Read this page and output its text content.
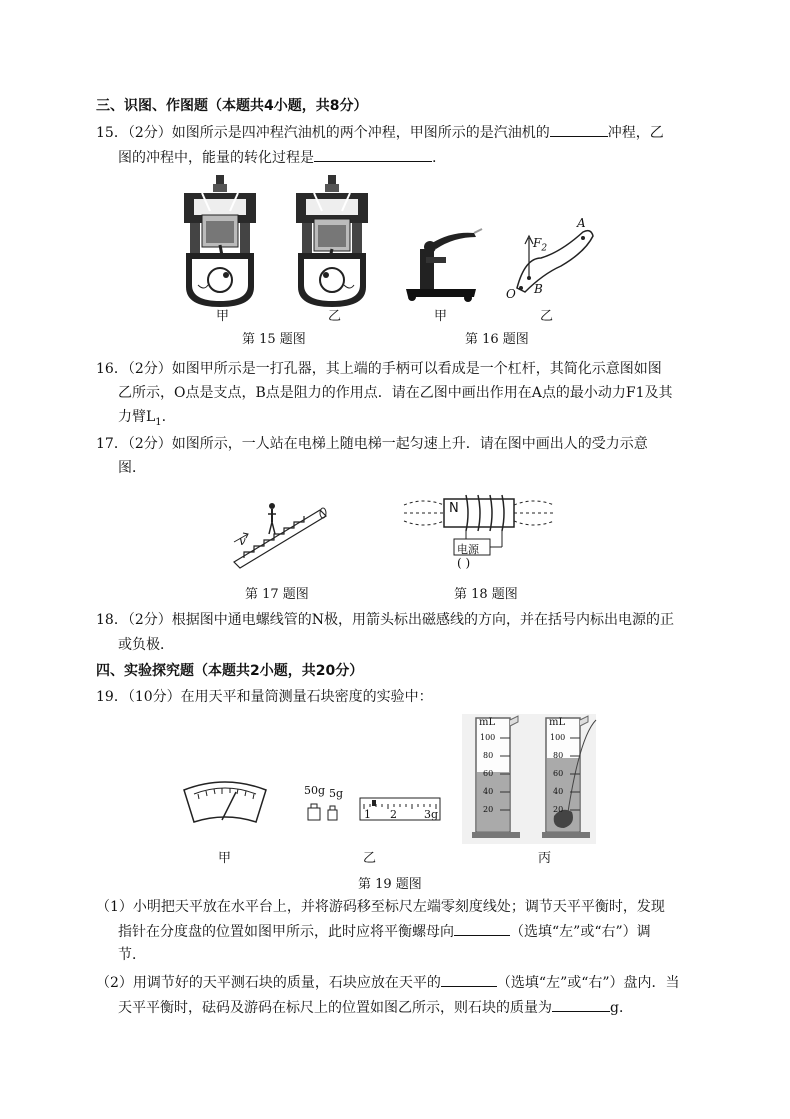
三、识图、作图题（本题共4小题，共8分）
15．（2分）如图所示是四冲程汽油机的两个冲程，甲图所示的是汽油机的	冲程，乙
图的冲程中，能量的转化过程是	.
甲	乙
第 15 题图
甲
A
$F_2$
O B
乙
第 16 题图
16．（2分）如图甲所示是一打孔器，其上端的手柄可以看成是一个杠杆，其简化示意图如图
乙所示，O点是支点，B点是阻力的作用点．请在乙图中画出作用在A点的最小动力F1及其
力臂$L_1$.
17．（2分）如图所示，一人站在电梯上随电梯一起匀速上升．请在图中画出人的受力示意
图．
v
第 17 题图
N
电源
( )
第 18 题图
18．（2分）根据图中通电螺线管的N极，用箭头标出磁感线的方向，并在括号内标出电源的正
或负极．
四、实验探究题（本题共2小题，共20分）
19．（10分）在用天平和量筒测量石块密度的实验中：
甲
50g 5g
1 2 3g
乙
mL
100
80
60
40
20
mL
100
80
60
40
20
丙
第 19 题图
（1）小明把天平放在水平台上，并将游码移至标尺左端零刻度线处；调节天平平衡时，发现
指针在分度盘的位置如图甲所示，此时应将平衡螺母向	（选填“左”或“右”）调
节．
（2）用调节好的天平测石块的质量，石块应放在天平的	（选填“左”或“右”）盘内．当
天平平衡时，砝码及游码在标尺上的位置如图乙所示，则石块的质量为	g．
